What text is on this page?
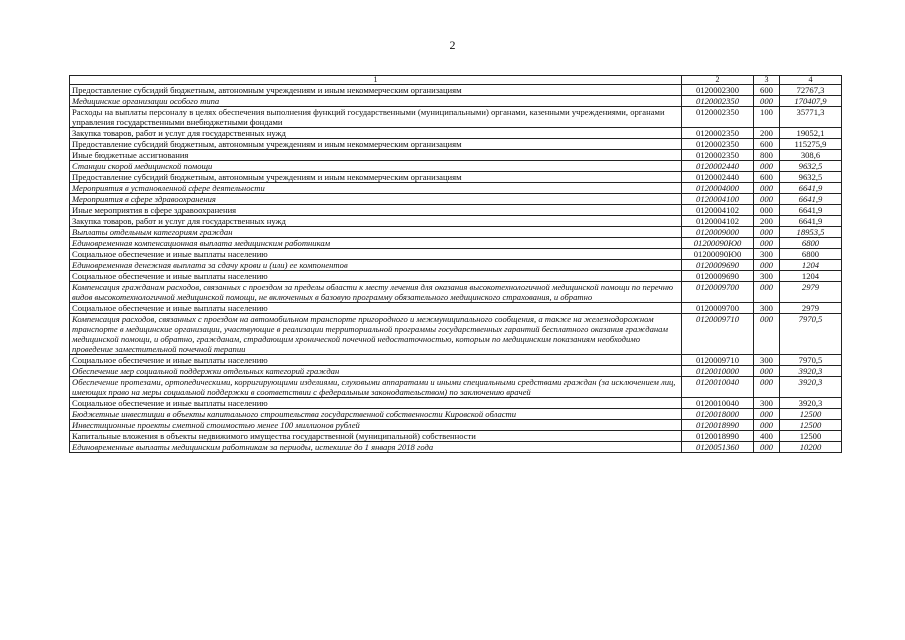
2
1	2	3	4
Предоставление субсидий бюджетным, автономным учреждениям и иным некоммерческим организациям	0120002300	600	72767,3
Медицинские организации особого типа	0120002350	000	170407,9
Расходы на выплаты персоналу в целях обеспечения выполнения функций государственными (муниципальными) органами, казенными учреждениями, органами управления государственными внебюджетными фондами	0120002350	100	35771,3
Закупка товаров, работ и услуг для государственных нужд	0120002350	200	19052,1
Предоставление субсидий бюджетным, автономным учреждениям и иным некоммерческим организациям	0120002350	600	115275,9
Иные бюджетные ассигнования	0120002350	800	308,6
Станции скорой медицинской помощи	0120002440	000	9632,5
Предоставление субсидий бюджетным, автономным учреждениям и иным некоммерческим организациям	0120002440	600	9632,5
Мероприятия в установленной сфере деятельности	0120004000	000	6641,9
Мероприятия в сфере здравоохранения	0120004100	000	6641,9
Иные мероприятия в сфере здравоохранения	0120004102	000	6641,9
Закупка товаров, работ и услуг для государственных нужд	0120004102	200	6641,9
Выплаты отдельным категориям граждан	0120009000	000	18953,5
Единовременная компенсационная выплата медицинским работникам	01200090Ю0	000	6800
Социальное обеспечение и иные выплаты населению	01200090Ю0	300	6800
Единовременная денежная выплата за сдачу крови и (или) ее компонентов	0120009690	000	1204
Социальное обеспечение и иные выплаты населению	0120009690	300	1204
Компенсация гражданам расходов, связанных с проездом за пределы области к месту лечения для оказания высокотехнологичной медицинской помощи по перечню видов высокотехнологичной медицинской помощи, не включенных в базовую программу обязательного медицинского страхования, и обратно	0120009700	000	2979
Социальное обеспечение и иные выплаты населению	0120009700	300	2979
Компенсация расходов, связанных с проездом на автомобильном транспорте пригородного и межмуниципального сообщения, а также на железнодорожном транспорте в медицинские организации, участвующие в реализации территориальной программы государственных гарантий бесплатного оказания гражданам медицинской помощи, и обратно, гражданам, страдающим хронической почечной недостаточностью, которым по медицинским показаниям необходимо проведение заместительной почечной терапии	0120009710	000	7970,5
Социальное обеспечение и иные выплаты населению	0120009710	300	7970,5
Обеспечение мер социальной поддержки отдельных категорий граждан	0120010000	000	3920,3
Обеспечение протезами, ортопедическими, корригирующими изделиями, слуховыми аппаратами и иными специальными средствами граждан (за исключением лиц, имеющих право на меры социальной поддержки в соответствии с федеральным законодательством) по заключению врачей	0120010040	000	3920,3
Социальное обеспечение и иные выплаты населению	0120010040	300	3920,3
Бюджетные инвестиции в объекты капитального строительства государственной собственности Кировской области	0120018000	000	12500
Инвестиционные проекты сметной стоимостью менее 100 миллионов рублей	0120018990	000	12500
Капитальные вложения в объекты недвижимого имущества государственной (муниципальной) собственности	0120018990	400	12500
Единовременные выплаты медицинским работникам за периоды, истекшие до 1 января 2018 года	0120051360	000	10200
